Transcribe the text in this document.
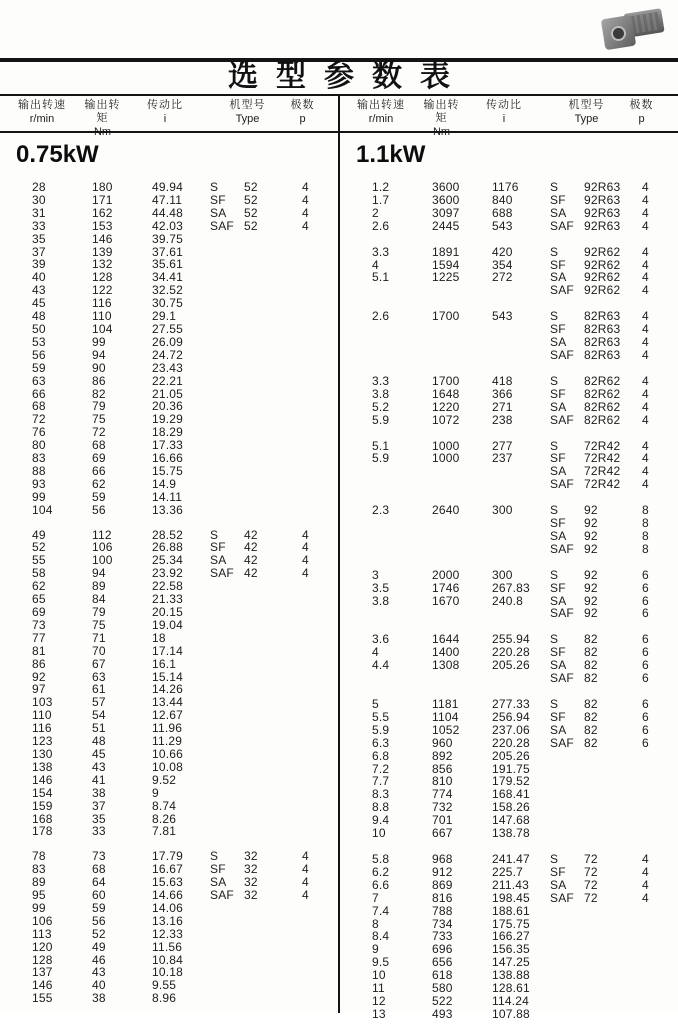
选型参数表
输出转速
r/min
输出转矩
传动比
i
机型号
Type
极数
p
输出转速
r/min
输出转矩
传动比
i
机型号
Type
极数
p
0.75kW
28	180	49.94 S 52	4
30	171	47.11 SF 52	4
31	162	44.48 SA 52	4
33	153	42.03 SAF 52	4
35	146	39.75
37	139	37.61
39	132	35.61
40	128	34.41
43	122	32.52
45	116	30.75
48	110	29.1
50	104	27.55
53	99	26.09
56	94	24.72
59	90	23.43
63	86	22.21
66	82	21.05
68	79	20.36
72	75	19.29
76	72	18.29
80	68	17.33
83	69	16.66
88	66	15.75
93	62	14.9
99	59	14.11
104	56	13.36
49	112	28.52 S 42	4
52	106	26.88 SF 42	4
55	100	25.34 SA 42	4
58	94	23.92 SAF 42	4
62	89	22.58
65	84	21.33
69	79	20.15
73	75	19.04
77	71	18
81	70	17.14
86	67	16.1
92	63	15.14
97	61	14.26
103	57	13.44
110	54	12.67
116	51	11.96
123	48	11.29
130	45	10.66
138	43	10.08
146	41	9.52
154	38	9
159	37	8.74
168	35	8.26
178	33	7.81
78	73	17.79 S 32	4
83	68	16.67 SF 32	4
89	64	15.63 SA 32	4
95	60	14.66 SAF 32	4
99	59	14.06
106	56	13.16
113	52	12.33
120	49	11.56
128	46	10.84
137	43	10.18
146	40	9.55
155	38	8.96
1.1kW
1.2	3600	1176	S 92R63 4
1.7	3600	840	SF 92R63 4
2	3097	688	SA 92R63 4
2.6	2445	543	SAF 92R63 4
3.3	1891	420	S 92R62 4
4	1594	354	SF 92R62 4
5.1	1225	272	SA 92R62 4
SAF 92R62 4
2.6	1700	543	S 82R63 4
SF 82R63 4
SA 82R63 4
SAF 82R63 4
3.3	1700	418	S 82R62 4
3.8	1648	366	SF 82R62 4
5.2	1220	271	SA 82R62 4
5.9	1072	238	SAF 82R62 4
5.1	1000	277	S 72R42 4
5.9	1000	237	SF 72R42 4
SA 72R42 4
SAF 72R42 4
2.3	2640	300	S 92	8
SF 92	8
SA 92	8
SAF 92	8
3	2000	300	S 92	6
3.5	1746	267.83 SF 92	6
3.8	1670	240.8 SA 92	6
SAF 92	6
3.6	1644	255.94 S 82	6
4	1400	220.28 SF 82	6
4.4	1308	205.26 SA 82	6
SAF 82	6
5	1181	277.33 S 82	6
5.5	1104	256.94 SF 82	6
5.9	1052	237.06 SA 82	6
6.3	960	220.28 SAF 82	6
6.8	892	205.26
7.2	856	191.75
7.7	810	179.52
8.3	774	168.41
8.8	732	158.26
9.4	701	147.68
10	667	138.78
5.8	968	241.47 S 72	4
6.2	912	225.7 SF 72	4
6.6	869	211.43 SA 72	4
7	816	198.45 SAF 72	4
7.4	788	188.61
8	734	175.75
8.4	733	166.27
9	696	156.35
9.5	656	147.25
10	618	138.88
11	580	128.61
12	522	114.24
13	493	107.88
